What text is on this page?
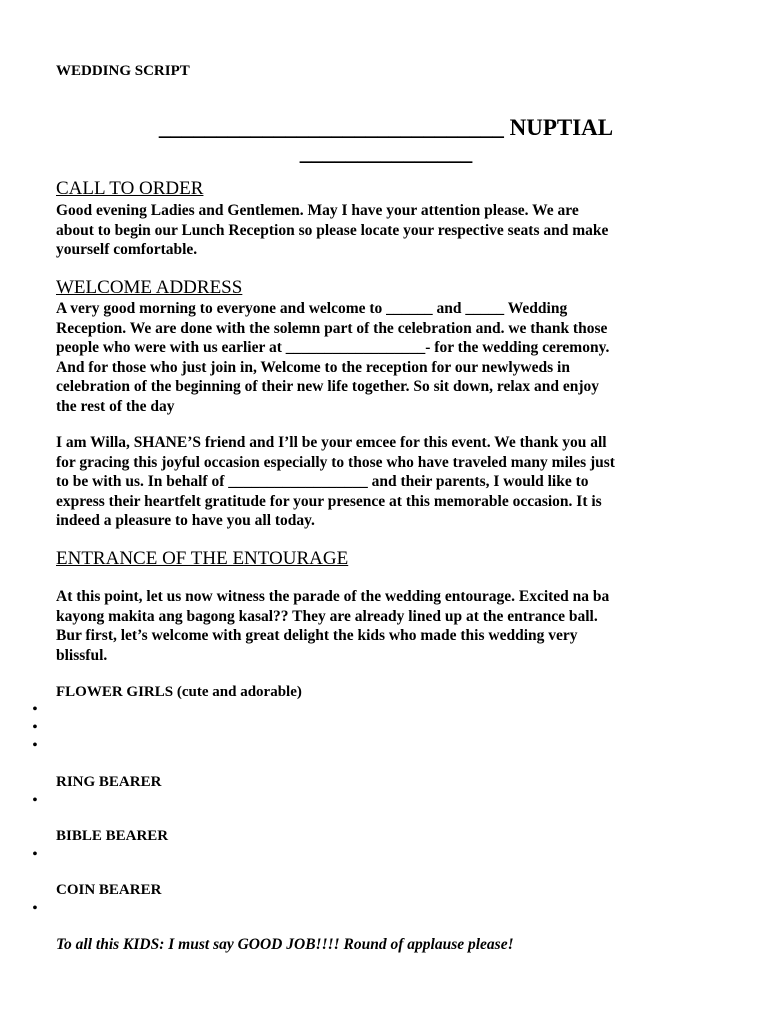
WEDDING SCRIPT

______________________________ NUPTIAL
_______________
CALL TO ORDER

Good evening Ladies and Gentlemen. May I have your attention please. We are
about to begin our Lunch Reception so please locate your respective seats and make
yourself comfortable.

WELCOME ADDRESS

A very good morning to everyone and welcome to ______ and _____ Wedding
Reception. We are done with the solemn part of the celebration and. we thank those
people who were with us earlier at __________________- for the wedding ceremony.
And for those who just join in, Welcome to the reception for our newlyweds in
celebration of the beginning of their new life together. So sit down, relax and enjoy
the rest of the day

I am Willa, SHANE’S friend and I’ll be your emcee for this event. We thank you all
for gracing this joyful occasion especially to those who have traveled many miles just
to be with us. In behalf of __________________ and their parents, I would like to
express their heartfelt gratitude for your presence at this memorable occasion. It is
indeed a pleasure to have you all today.

ENTRANCE OF THE ENTOURAGE

At this point, let us now witness the parade of the wedding entourage. Excited na ba
kayong makita ang bagong kasal?? They are already lined up at the entrance ball.
Bur first, let’s welcome with great delight the kids who made this wedding very
blissful.

FLOWER GIRLS (cute and adorable)

•
•
•

RING BEARER

•

BIBLE BEARER

•

COIN BEARER

•

To all this KIDS: I must say GOOD JOB!!!! Round of applause please!
